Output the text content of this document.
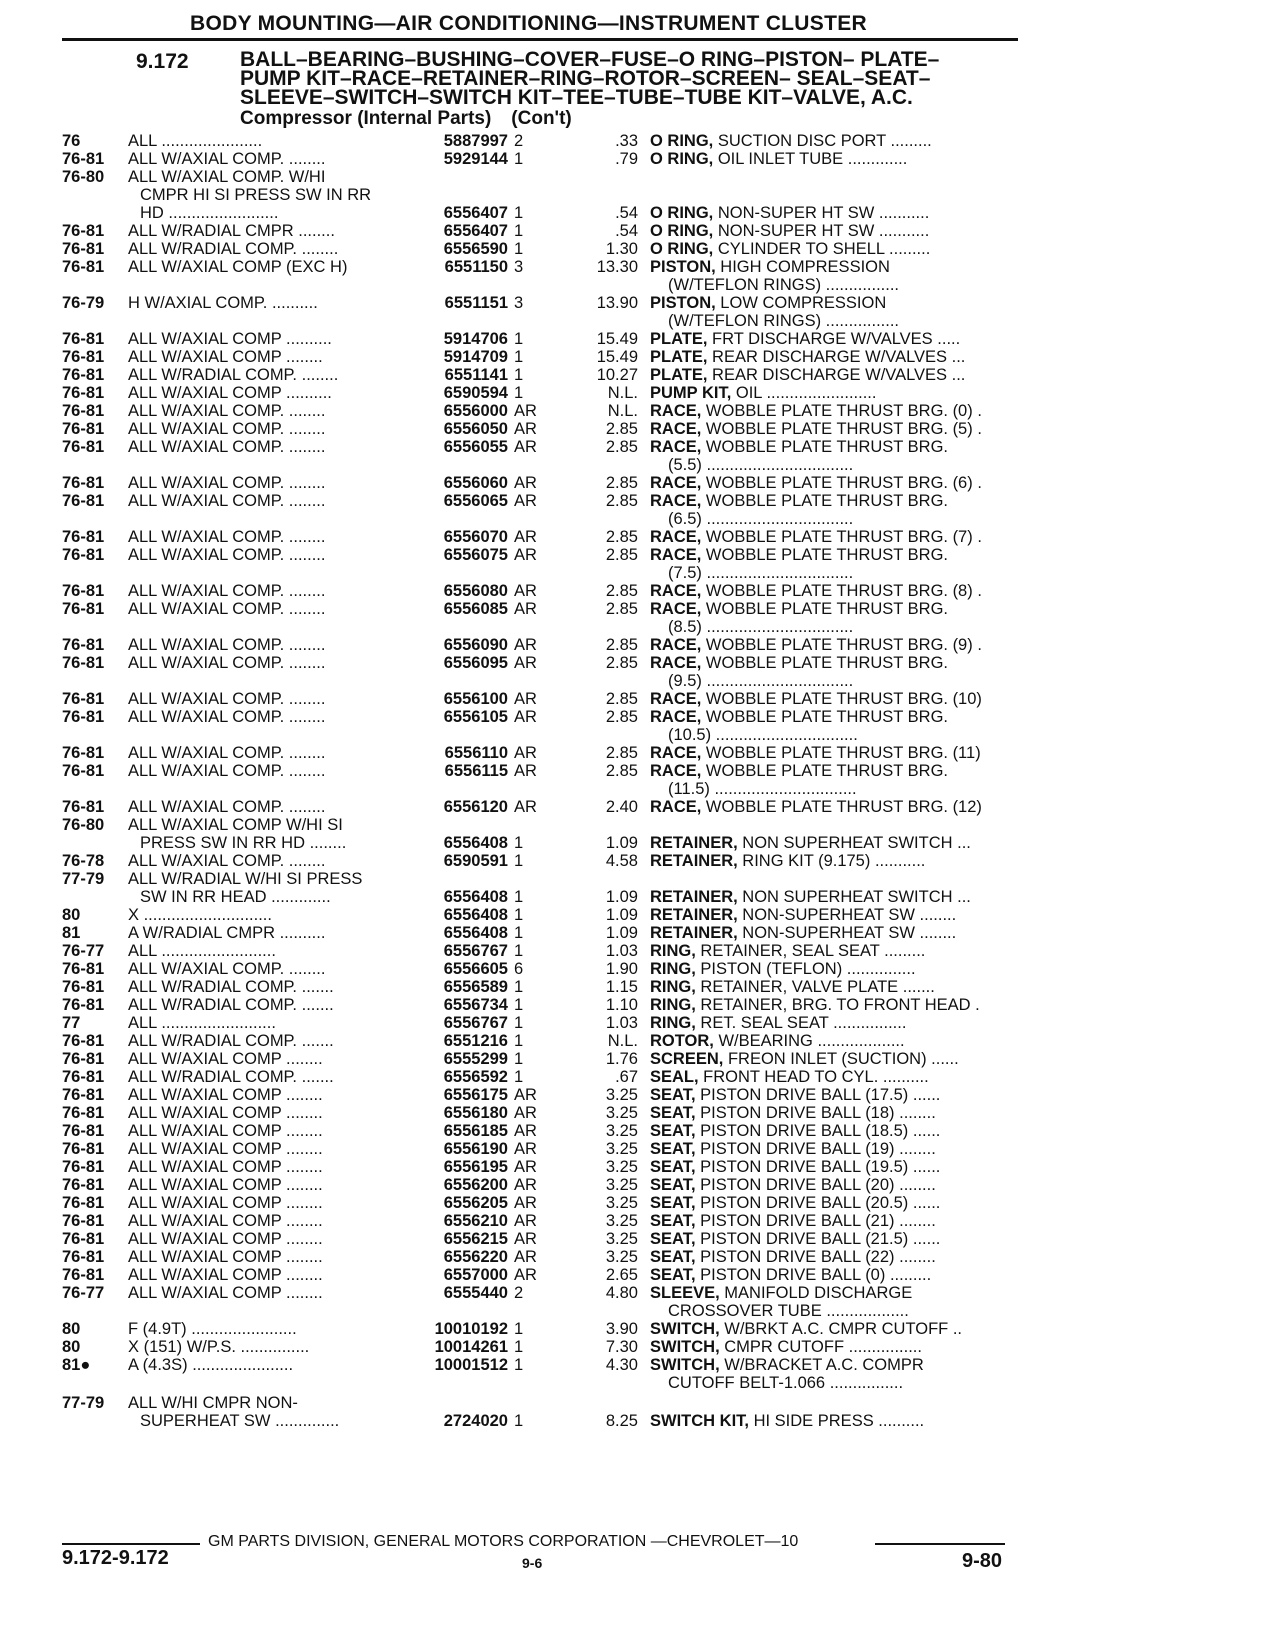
BODY MOUNTING—AIR CONDITIONING—INSTRUMENT CLUSTER
9.172 BALL–BEARING–BUSHING–COVER–FUSE–O RING–PISTON– PLATE–
PUMP KIT–RACE–RETAINER–RING–ROTOR–SCREEN– SEAL–SEAT–
SLEEVE–SWITCH–SWITCH KIT–TEE–TUBE–TUBE KIT–VALVE, A.C.
Compressor (Internal Parts) (Con't)
76	ALL ......................	5887997 2	.33 O RING, SUCTION DISC PORT .........
76-81	ALL W/AXIAL COMP. ........	5929144 1	.79 O RING, OIL INLET TUBE .............
76-80	ALL W/AXIAL COMP. W/HI
CMPR HI SI PRESS SW IN RR
HD ........................	6556407 1	.54 O RING, NON-SUPER HT SW ...........
76-81	ALL W/RADIAL CMPR ........	6556407 1	.54 O RING, NON-SUPER HT SW ...........
76-81	ALL W/RADIAL COMP. ........	6556590 1	1.30 O RING, CYLINDER TO SHELL .........
76-81	ALL W/AXIAL COMP (EXC H)	6551150 3	13.30 PISTON, HIGH COMPRESSION
(W/TEFLON RINGS) ................
76-79	H W/AXIAL COMP. ..........	6551151 3	13.90 PISTON, LOW COMPRESSION
(W/TEFLON RINGS) ................
76-81	ALL W/AXIAL COMP ..........	5914706 1	15.49 PLATE, FRT DISCHARGE W/VALVES .....
76-81	ALL W/AXIAL COMP ........	5914709 1	15.49 PLATE, REAR DISCHARGE W/VALVES ...
76-81	ALL W/RADIAL COMP. ........	6551141 1	10.27 PLATE, REAR DISCHARGE W/VALVES ...
76-81	ALL W/AXIAL COMP ..........	6590594 1	N.L. PUMP KIT, OIL ........................
76-81	ALL W/AXIAL COMP. ........	6556000 AR	N.L. RACE, WOBBLE PLATE THRUST BRG. (0) .
76-81	ALL W/AXIAL COMP. ........	6556050 AR	2.85 RACE, WOBBLE PLATE THRUST BRG. (5) .
76-81	ALL W/AXIAL COMP. ........	6556055 AR	2.85 RACE, WOBBLE PLATE THRUST BRG.
(5.5) ................................
76-81	ALL W/AXIAL COMP. ........	6556060 AR	2.85 RACE, WOBBLE PLATE THRUST BRG. (6) .
76-81	ALL W/AXIAL COMP. ........	6556065 AR	2.85 RACE, WOBBLE PLATE THRUST BRG.
(6.5) ................................
76-81	ALL W/AXIAL COMP. ........	6556070 AR	2.85 RACE, WOBBLE PLATE THRUST BRG. (7) .
76-81	ALL W/AXIAL COMP. ........	6556075 AR	2.85 RACE, WOBBLE PLATE THRUST BRG.
(7.5) ................................
76-81	ALL W/AXIAL COMP. ........	6556080 AR	2.85 RACE, WOBBLE PLATE THRUST BRG. (8) .
76-81	ALL W/AXIAL COMP. ........	6556085 AR	2.85 RACE, WOBBLE PLATE THRUST BRG.
(8.5) ................................
76-81	ALL W/AXIAL COMP. ........	6556090 AR	2.85 RACE, WOBBLE PLATE THRUST BRG. (9) .
76-81	ALL W/AXIAL COMP. ........	6556095 AR	2.85 RACE, WOBBLE PLATE THRUST BRG.
(9.5) ................................
76-81	ALL W/AXIAL COMP. ........	6556100 AR	2.85 RACE, WOBBLE PLATE THRUST BRG. (10)
76-81	ALL W/AXIAL COMP. ........	6556105 AR	2.85 RACE, WOBBLE PLATE THRUST BRG.
(10.5) ...............................
76-81	ALL W/AXIAL COMP. ........	6556110 AR	2.85 RACE, WOBBLE PLATE THRUST BRG. (11)
76-81	ALL W/AXIAL COMP. ........	6556115 AR	2.85 RACE, WOBBLE PLATE THRUST BRG.
(11.5) ...............................
76-81	ALL W/AXIAL COMP. ........	6556120 AR	2.40 RACE, WOBBLE PLATE THRUST BRG. (12)
76-80	ALL W/AXIAL COMP W/HI SI
PRESS SW IN RR HD ........	6556408 1	1.09 RETAINER, NON SUPERHEAT SWITCH ...
76-78	ALL W/AXIAL COMP. ........	6590591 1	4.58 RETAINER, RING KIT (9.175) ...........
77-79	ALL W/RADIAL W/HI SI PRESS
SW IN RR HEAD .............	6556408 1	1.09 RETAINER, NON SUPERHEAT SWITCH ...
80	X ............................	6556408 1	1.09 RETAINER, NON-SUPERHEAT SW ........
81	A W/RADIAL CMPR ..........	6556408 1	1.09 RETAINER, NON-SUPERHEAT SW ........
76-77	ALL .........................	6556767 1	1.03 RING, RETAINER, SEAL SEAT .........
76-81	ALL W/AXIAL COMP. ........	6556605 6	1.90 RING, PISTON (TEFLON) ...............
76-81	ALL W/RADIAL COMP. .......	6556589 1	1.15 RING, RETAINER, VALVE PLATE .......
76-81	ALL W/RADIAL COMP. .......	6556734 1	1.10 RING, RETAINER, BRG. TO FRONT HEAD .
77	ALL .........................	6556767 1	1.03 RING, RET. SEAL SEAT ................
76-81	ALL W/RADIAL COMP. .......	6551216 1	N.L. ROTOR, W/BEARING ...................
76-81	ALL W/AXIAL COMP ........	6555299 1	1.76 SCREEN, FREON INLET (SUCTION) ......
76-81	ALL W/RADIAL COMP. .......	6556592 1	.67 SEAL, FRONT HEAD TO CYL. ..........
76-81	ALL W/AXIAL COMP ........	6556175 AR	3.25 SEAT, PISTON DRIVE BALL (17.5) ......
76-81	ALL W/AXIAL COMP ........	6556180 AR	3.25 SEAT, PISTON DRIVE BALL (18) ........
76-81	ALL W/AXIAL COMP ........	6556185 AR	3.25 SEAT, PISTON DRIVE BALL (18.5) ......
76-81	ALL W/AXIAL COMP ........	6556190 AR	3.25 SEAT, PISTON DRIVE BALL (19) ........
76-81	ALL W/AXIAL COMP ........	6556195 AR	3.25 SEAT, PISTON DRIVE BALL (19.5) ......
76-81	ALL W/AXIAL COMP ........	6556200 AR	3.25 SEAT, PISTON DRIVE BALL (20) ........
76-81	ALL W/AXIAL COMP ........	6556205 AR	3.25 SEAT, PISTON DRIVE BALL (20.5) ......
76-81	ALL W/AXIAL COMP ........	6556210 AR	3.25 SEAT, PISTON DRIVE BALL (21) ........
76-81	ALL W/AXIAL COMP ........	6556215 AR	3.25 SEAT, PISTON DRIVE BALL (21.5) ......
76-81	ALL W/AXIAL COMP ........	6556220 AR	3.25 SEAT, PISTON DRIVE BALL (22) ........
76-81	ALL W/AXIAL COMP ........	6557000 AR	2.65 SEAT, PISTON DRIVE BALL (0) .........
76-77	ALL W/AXIAL COMP ........	6555440 2	4.80 SLEEVE, MANIFOLD DISCHARGE
CROSSOVER TUBE ..................
80	F (4.9T) .......................	10010192 1	3.90 SWITCH, W/BRKT A.C. CMPR CUTOFF ..
80	X (151) W/P.S. ...............	10014261 1	7.30 SWITCH, CMPR CUTOFF ................
81●	A (4.3S) ......................	10001512 1	4.30 SWITCH, W/BRACKET A.C. COMPR
CUTOFF BELT-1.066 ................
77-79	ALL W/HI CMPR NON-
SUPERHEAT SW ..............	2724020 1	8.25 SWITCH KIT, HI SIDE PRESS ..........
GM PARTS DIVISION, GENERAL MOTORS CORPORATION —CHEVROLET—10
9.172-9.172	9-6	9-80
